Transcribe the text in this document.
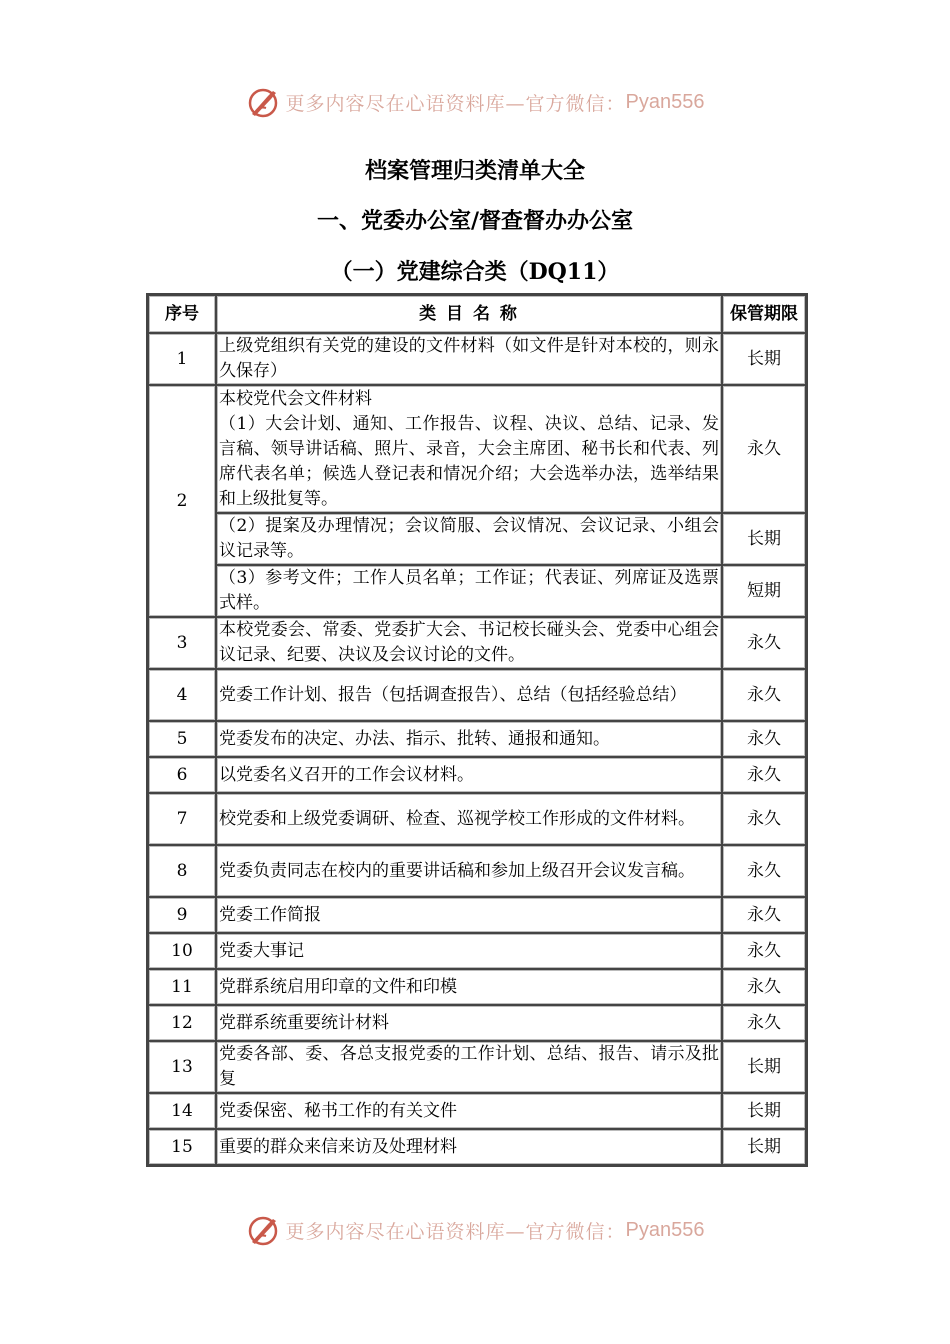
更多内容尽在心语资料库—官方微信： Pyan556
档案管理归类清单大全
一、党委办公室/督查督办办公室
（一）党建综合类（DQ11）
序号	类 目 名 称	保管期限
1	上级党组织有关党的建设的文件材料（如文件是针对本校的，则永久保存）	长期
2	本校党代会文件材料
（1）大会计划、通知、工作报告、议程、决议、总结、记录、发言稿、领导讲话稿、照片、录音，大会主席团、秘书长和代表、列席代表名单；候选人登记表和情况介绍；大会选举办法，选举结果和上级批复等。	永久
	（2）提案及办理情况；会议简服、会议情况、会议记录、小组会议记录等。	长期
	（3）参考文件；工作人员名单；工作证；代表证、列席证及选票式样。	短期
3	本校党委会、常委、党委扩大会、书记校长碰头会、党委中心组会议记录、纪要、决议及会议讨论的文件。	永久
4	党委工作计划、报告（包括调查报告）、总结（包括经验总结）	永久
5	党委发布的决定、办法、指示、批转、通报和通知。	永久
6	以党委名义召开的工作会议材料。	永久
7	校党委和上级党委调研、检查、巡视学校工作形成的文件材料。	永久
8	党委负责同志在校内的重要讲话稿和参加上级召开会议发言稿。	永久
9	党委工作简报	永久
10	党委大事记	永久
11	党群系统启用印章的文件和印模	永久
12	党群系统重要统计材料	永久
13	党委各部、委、各总支报党委的工作计划、总结、报告、请示及批复	长期
14	党委保密、秘书工作的有关文件	长期
15	重要的群众来信来访及处理材料	长期
更多内容尽在心语资料库—官方微信： Pyan556
